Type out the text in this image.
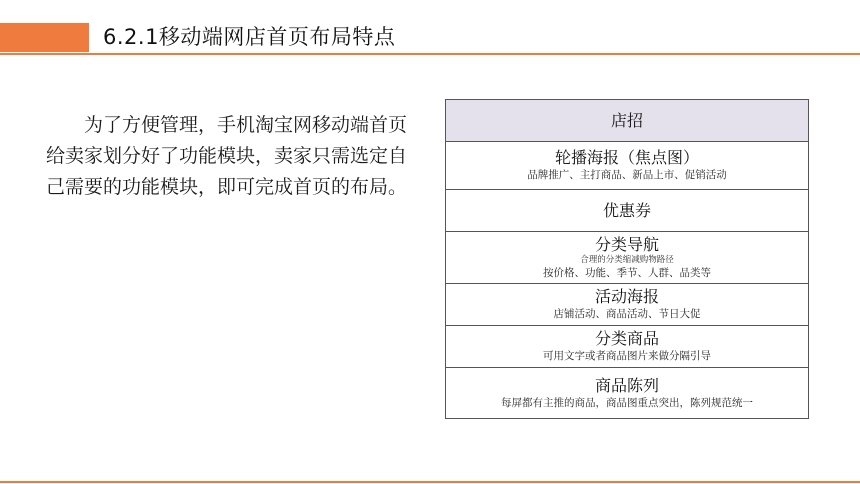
6.2.1移动端网店首页布局特点
为了方便管理，手机淘宝网移动端首页给卖家划分好了功能模块，卖家只需选定自己需要的功能模块，即可完成首页的布局。
店招
轮播海报（焦点图）
品牌推广、主打商品、新品上市、促销活动
优惠券
分类导航
合理的分类缩减购物路径
按价格、功能、季节、人群、品类等
活动海报
店铺活动、商品活动、节日大促
分类商品
可用文字或者商品图片来做分隔引导
商品陈列
每屏都有主推的商品，商品图重点突出，陈列规范统一
